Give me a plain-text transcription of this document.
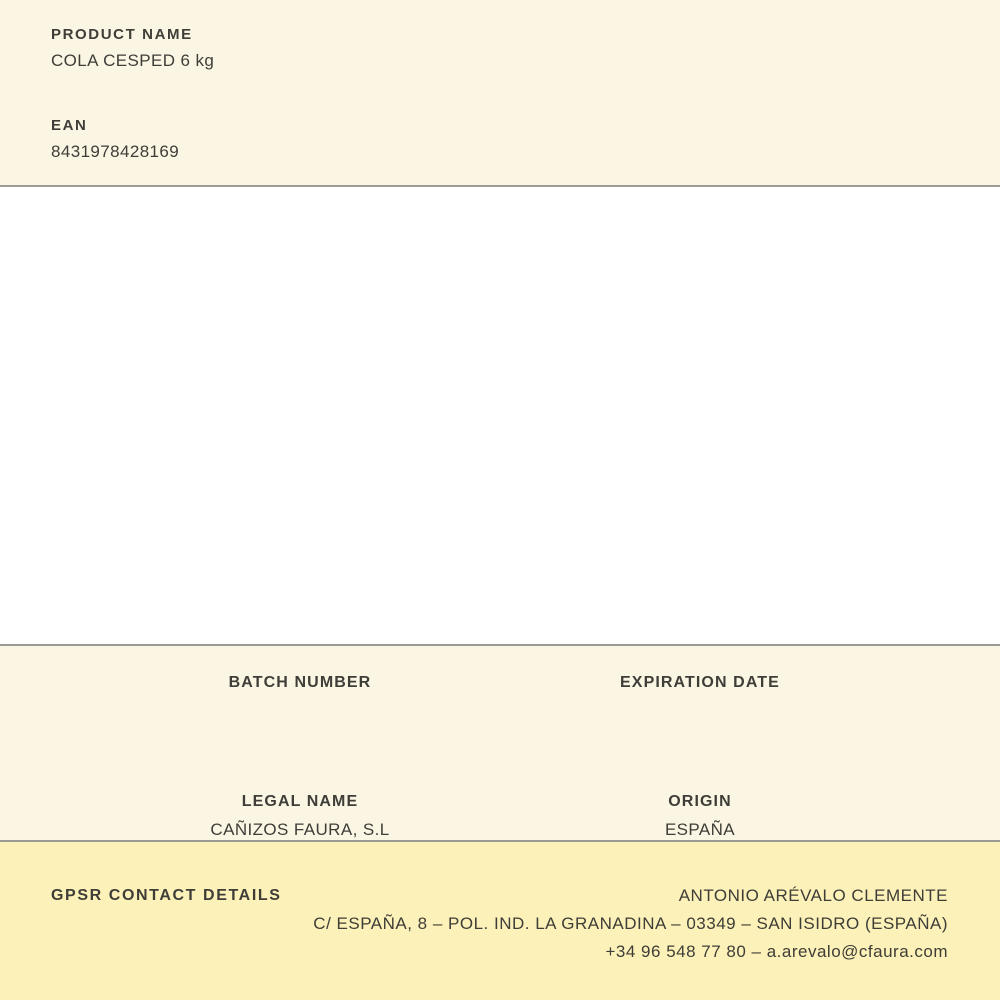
PRODUCT NAME
COLA CESPED 6 kg
EAN
8431978428169
BATCH NUMBER	EXPIRATION DATE
LEGAL NAME
CAÑIZOS FAURA, S.L
ORIGIN
ESPAÑA
GPSR CONTACT DETAILS	ANTONIO ARÉVALO CLEMENTE
C/ ESPAÑA, 8 – POL. IND. LA GRANADINA – 03349 – SAN ISIDRO (ESPAÑA)
+34 96 548 77 80 – a.arevalo@cfaura.com
